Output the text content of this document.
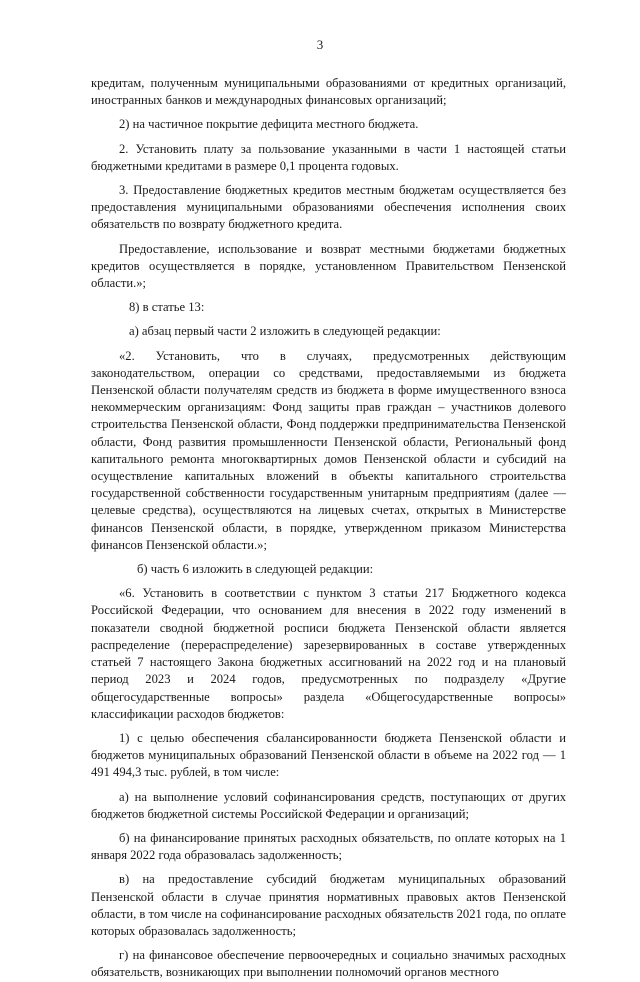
3

кредитам, полученным муниципальными образованиями от кредитных организаций, иностранных банков и международных финансовых организаций;

2) на частичное покрытие дефицита местного бюджета.

2. Установить плату за пользование указанными в части 1 настоящей статьи бюджетными кредитами в размере 0,1 процента годовых.

3. Предоставление бюджетных кредитов местным бюджетам осуществляется без предоставления муниципальными образованиями обеспечения исполнения своих обязательств по возврату бюджетного кредита.

Предоставление, использование и возврат местными бюджетами бюджетных кредитов осуществляется в порядке, установленном Правительством Пензенской области.»;

8) в статье 13:

а) абзац первый части 2 изложить в следующей редакции:

«2. Установить, что в случаях, предусмотренных действующим законодательством, операции со средствами, предоставляемыми из бюджета Пензенской области получателям средств из бюджета в форме имущественного взноса некоммерческим организациям: Фонд защиты прав граждан – участников долевого строительства Пензенской области, Фонд поддержки предпринимательства Пензенской области, Фонд развития промышленности Пензенской области, Региональный фонд капитального ремонта многоквартирных домов Пензенской области и субсидий на осуществление капитальных вложений в объекты капитального строительства государственной собственности государственным унитарным предприятиям (далее — целевые средства), осуществляются на лицевых счетах, открытых в Министерстве финансов Пензенской области, в порядке, утвержденном приказом Министерства финансов Пензенской области.»;

б) часть 6 изложить в следующей редакции:

«6. Установить в соответствии с пунктом 3 статьи 217 Бюджетного кодекса Российской Федерации, что основанием для внесения в 2022 году изменений в показатели сводной бюджетной росписи бюджета Пензенской области является распределение (перераспределение) зарезервированных в составе утвержденных статьей 7 настоящего Закона бюджетных ассигнований на 2022 год и на плановый период 2023 и 2024 годов, предусмотренных по подразделу «Другие общегосударственные вопросы» раздела «Общегосударственные вопросы» классификации расходов бюджетов:

1) с целью обеспечения сбалансированности бюджета Пензенской области и бюджетов муниципальных образований Пензенской области в объеме на 2022 год — 1 491 494,3 тыс. рублей, в том числе:

а) на выполнение условий софинансирования средств, поступающих от других бюджетов бюджетной системы Российской Федерации и организаций;

б) на финансирование принятых расходных обязательств, по оплате которых на 1 января 2022 года образовалась задолженность;

в) на предоставление субсидий бюджетам муниципальных образований Пензенской области в случае принятия нормативных правовых актов Пензенской области, в том числе на софинансирование расходных обязательств 2021 года, по оплате которых образовалась задолженность;

г) на финансовое обеспечение первоочередных и социально значимых расходных обязательств, возникающих при выполнении полномочий органов местного
